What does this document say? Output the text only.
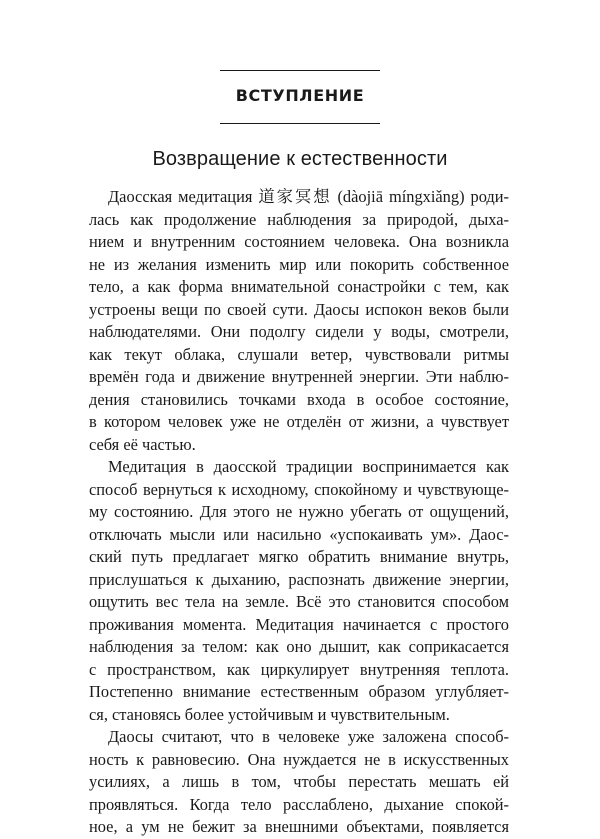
ВСТУПЛЕНИЕ
Возвращение к естественности
Даосская медитация 道家冥想 (dàojiā míngxiǎng) роди-
лась как продолжение наблюдения за природой, дыха-
нием и внутренним состоянием человека. Она возникла
не из желания изменить мир или покорить собственное
тело, а как форма внимательной сонастройки с тем, как
устроены вещи по своей сути. Даосы испокон веков были
наблюдателями. Они подолгу сидели у воды, смотрели,
как текут облака, слушали ветер, чувствовали ритмы
времён года и движение внутренней энергии. Эти наблю-
дения становились точками входа в особое состояние,
в котором человек уже не отделён от жизни, а чувствует
себя её частью.
Медитация в даосской традиции воспринимается как
способ вернуться к исходному, спокойному и чувствующе-
му состоянию. Для этого не нужно убегать от ощущений,
отключать мысли или насильно «успокаивать ум». Даос-
ский путь предлагает мягко обратить внимание внутрь,
прислушаться к дыханию, распознать движение энергии,
ощутить вес тела на земле. Всё это становится способом
проживания момента. Медитация начинается с простого
наблюдения за телом: как оно дышит, как соприкасается
с пространством, как циркулирует внутренняя теплота.
Постепенно внимание естественным образом углубляет-
ся, становясь более устойчивым и чувствительным.
Даосы считают, что в человеке уже заложена способ-
ность к равновесию. Она нуждается не в искусственных
усилиях, а лишь в том, чтобы перестать мешать ей
проявляться. Когда тело расслаблено, дыхание спокой-
ное, а ум не бежит за внешними объектами, появляется
